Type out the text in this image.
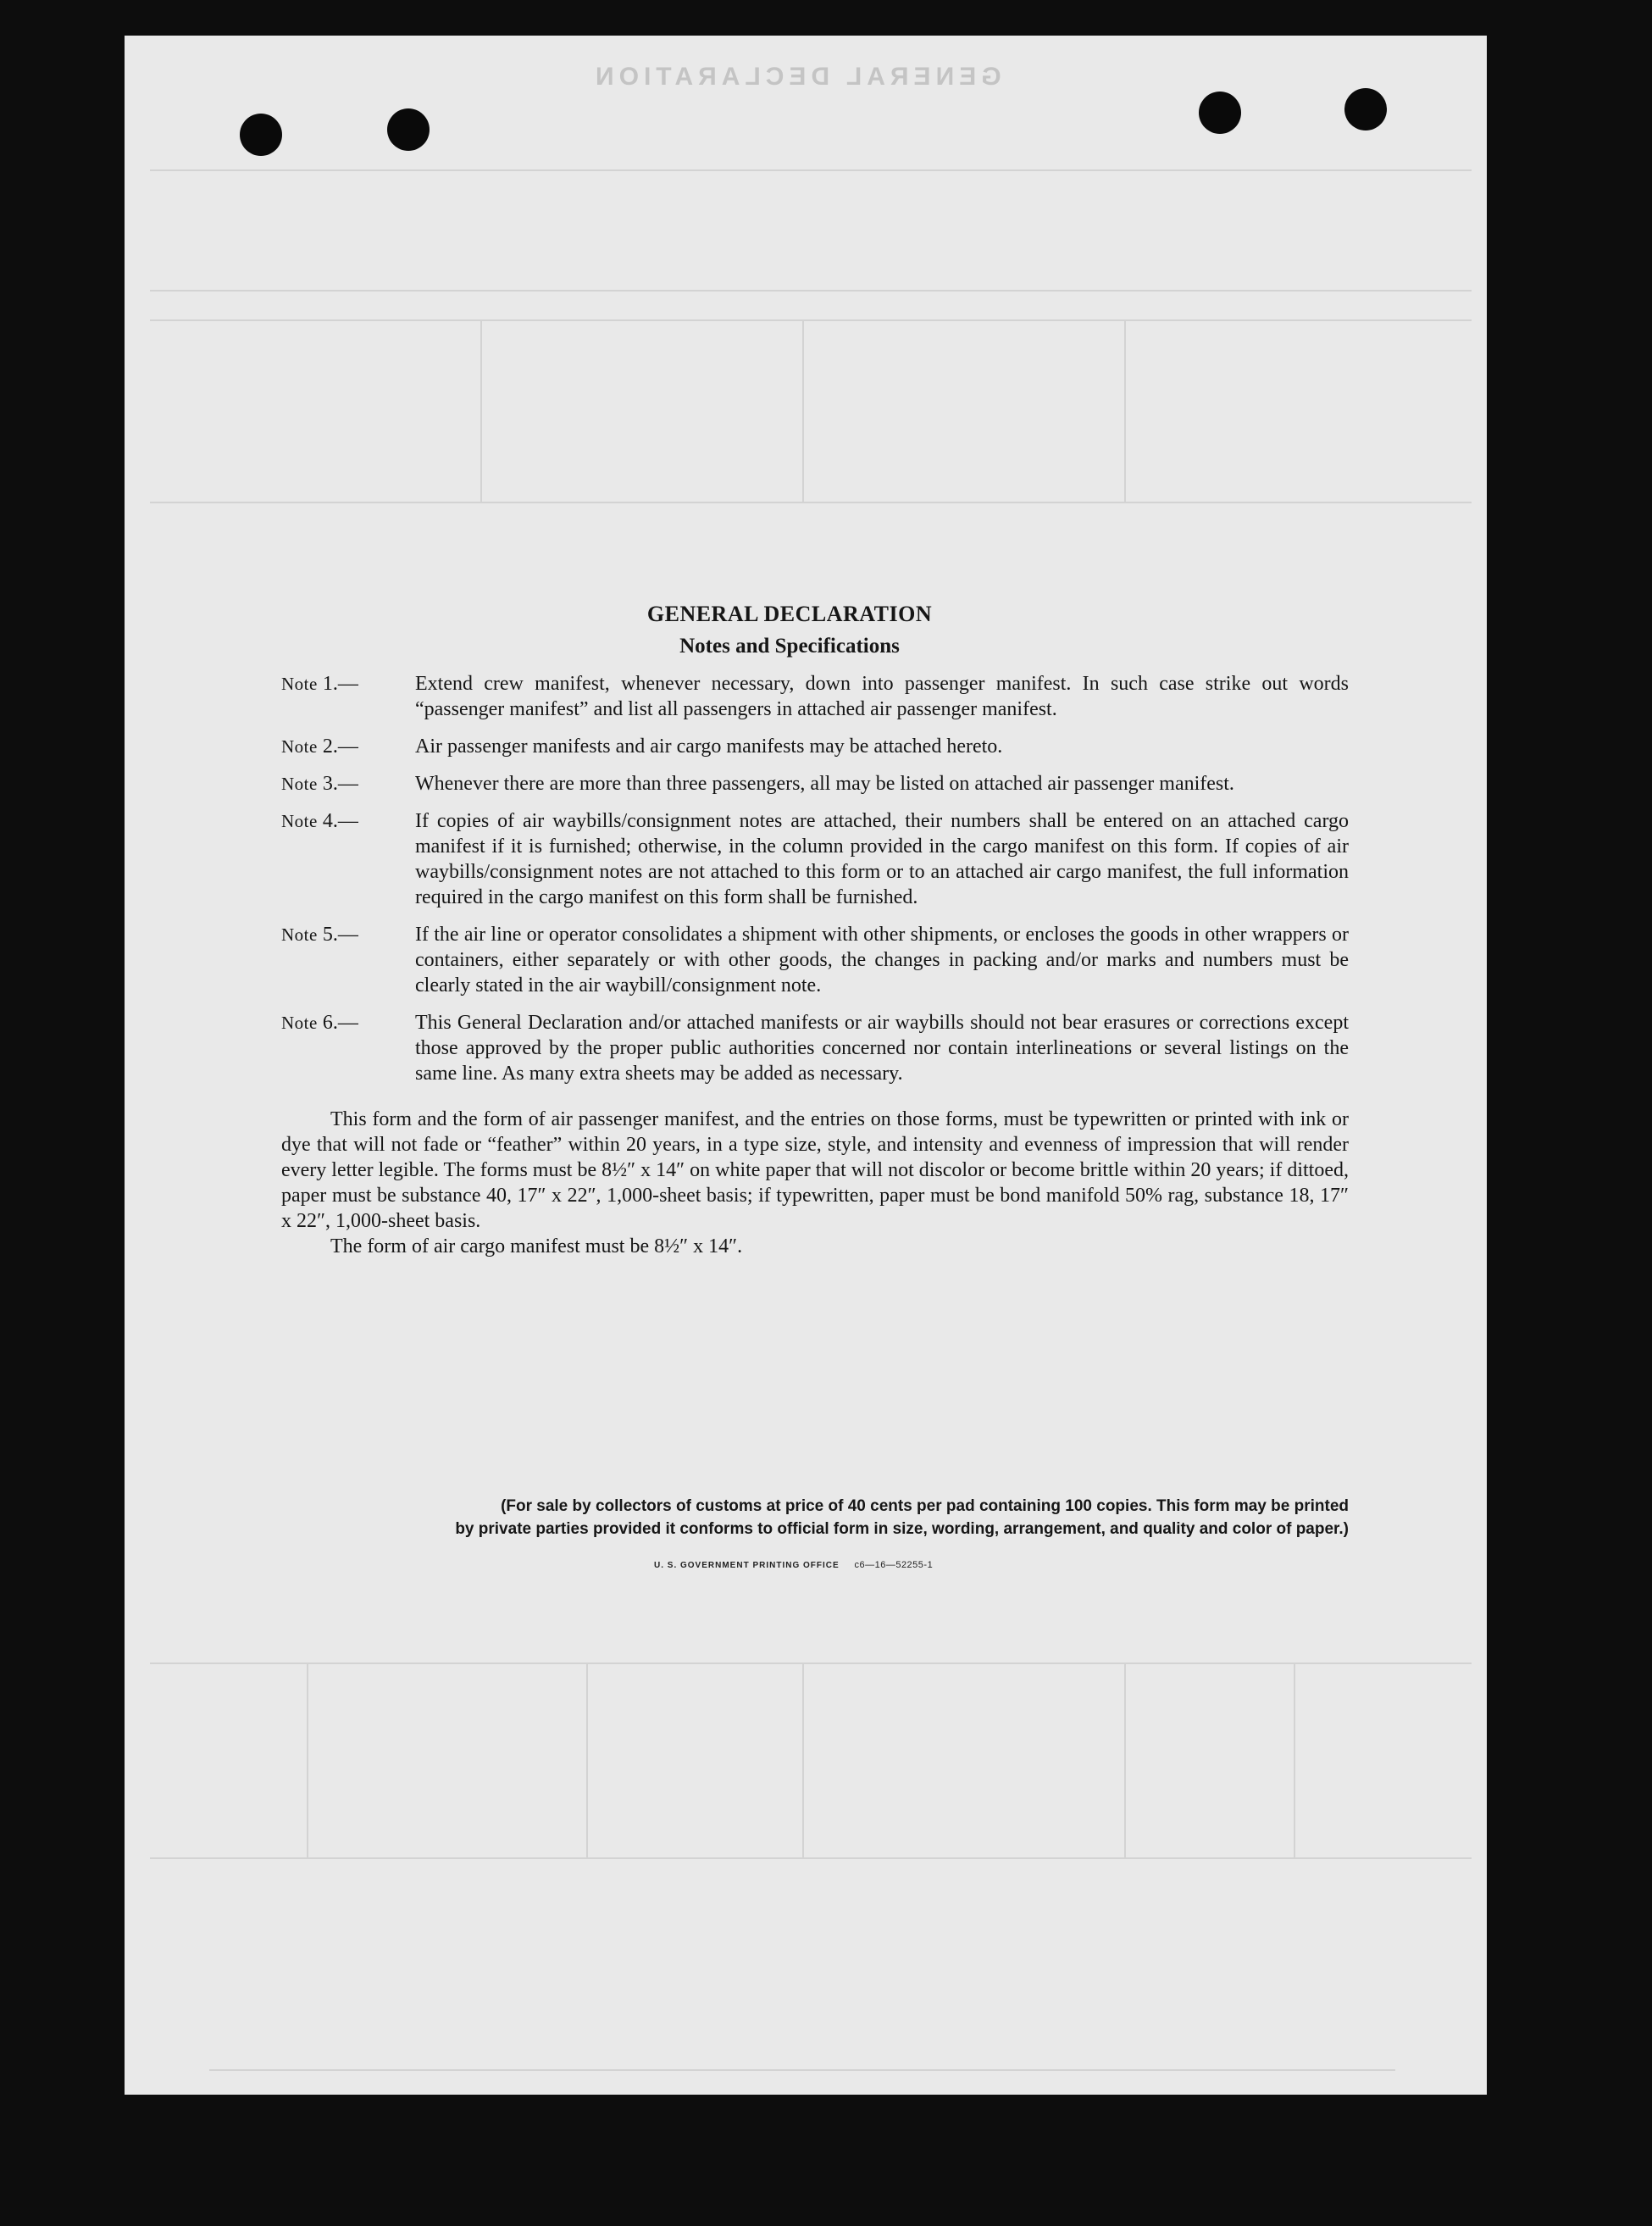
GENERAL DECLARATION
GENERAL DECLARATION
Notes and Specifications
Note 1.—	Extend crew manifest, whenever necessary, down into passenger manifest. In such case strike out words “passenger manifest” and list all passengers in attached air passenger manifest.
Note 2.—	Air passenger manifests and air cargo manifests may be attached hereto.
Note 3.—	Whenever there are more than three passengers, all may be listed on attached air passenger manifest.
Note 4.—	If copies of air waybills/consignment notes are attached, their numbers shall be entered on an attached cargo manifest if it is furnished; otherwise, in the column provided in the cargo manifest on this form. If copies of air waybills/consignment notes are not attached to this form or to an attached air cargo manifest, the full information required in the cargo manifest on this form shall be furnished.
Note 5.—	If the air line or operator consolidates a shipment with other shipments, or encloses the goods in other wrappers or containers, either separately or with other goods, the changes in packing and/or marks and numbers must be clearly stated in the air waybill/consignment note.
Note 6.—	This General Declaration and/or attached manifests or air waybills should not bear erasures or corrections except those approved by the proper public authorities concerned nor contain interlineations or several listings on the same line. As many extra sheets may be added as necessary.
This form and the form of air passenger manifest, and the entries on those forms, must be typewritten or printed with ink or dye that will not fade or “feather” within 20 years, in a type size, style, and intensity and evenness of impression that will render every letter legible. The forms must be 8½″ x 14″ on white paper that will not discolor or become brittle within 20 years; if dittoed, paper must be substance 40, 17″ x 22″, 1,000-sheet basis; if typewritten, paper must be bond manifold 50% rag, substance 18, 17″ x 22″, 1,000-sheet basis.
The form of air cargo manifest must be 8½″ x 14″.
(For sale by collectors of customs at price of 40 cents per pad containing 100 copies. This form may be printed
by private parties provided it conforms to official form in size, wording, arrangement, and quality and color of paper.)
U. S. GOVERNMENT PRINTING OFFICE c6—16—52255-1
